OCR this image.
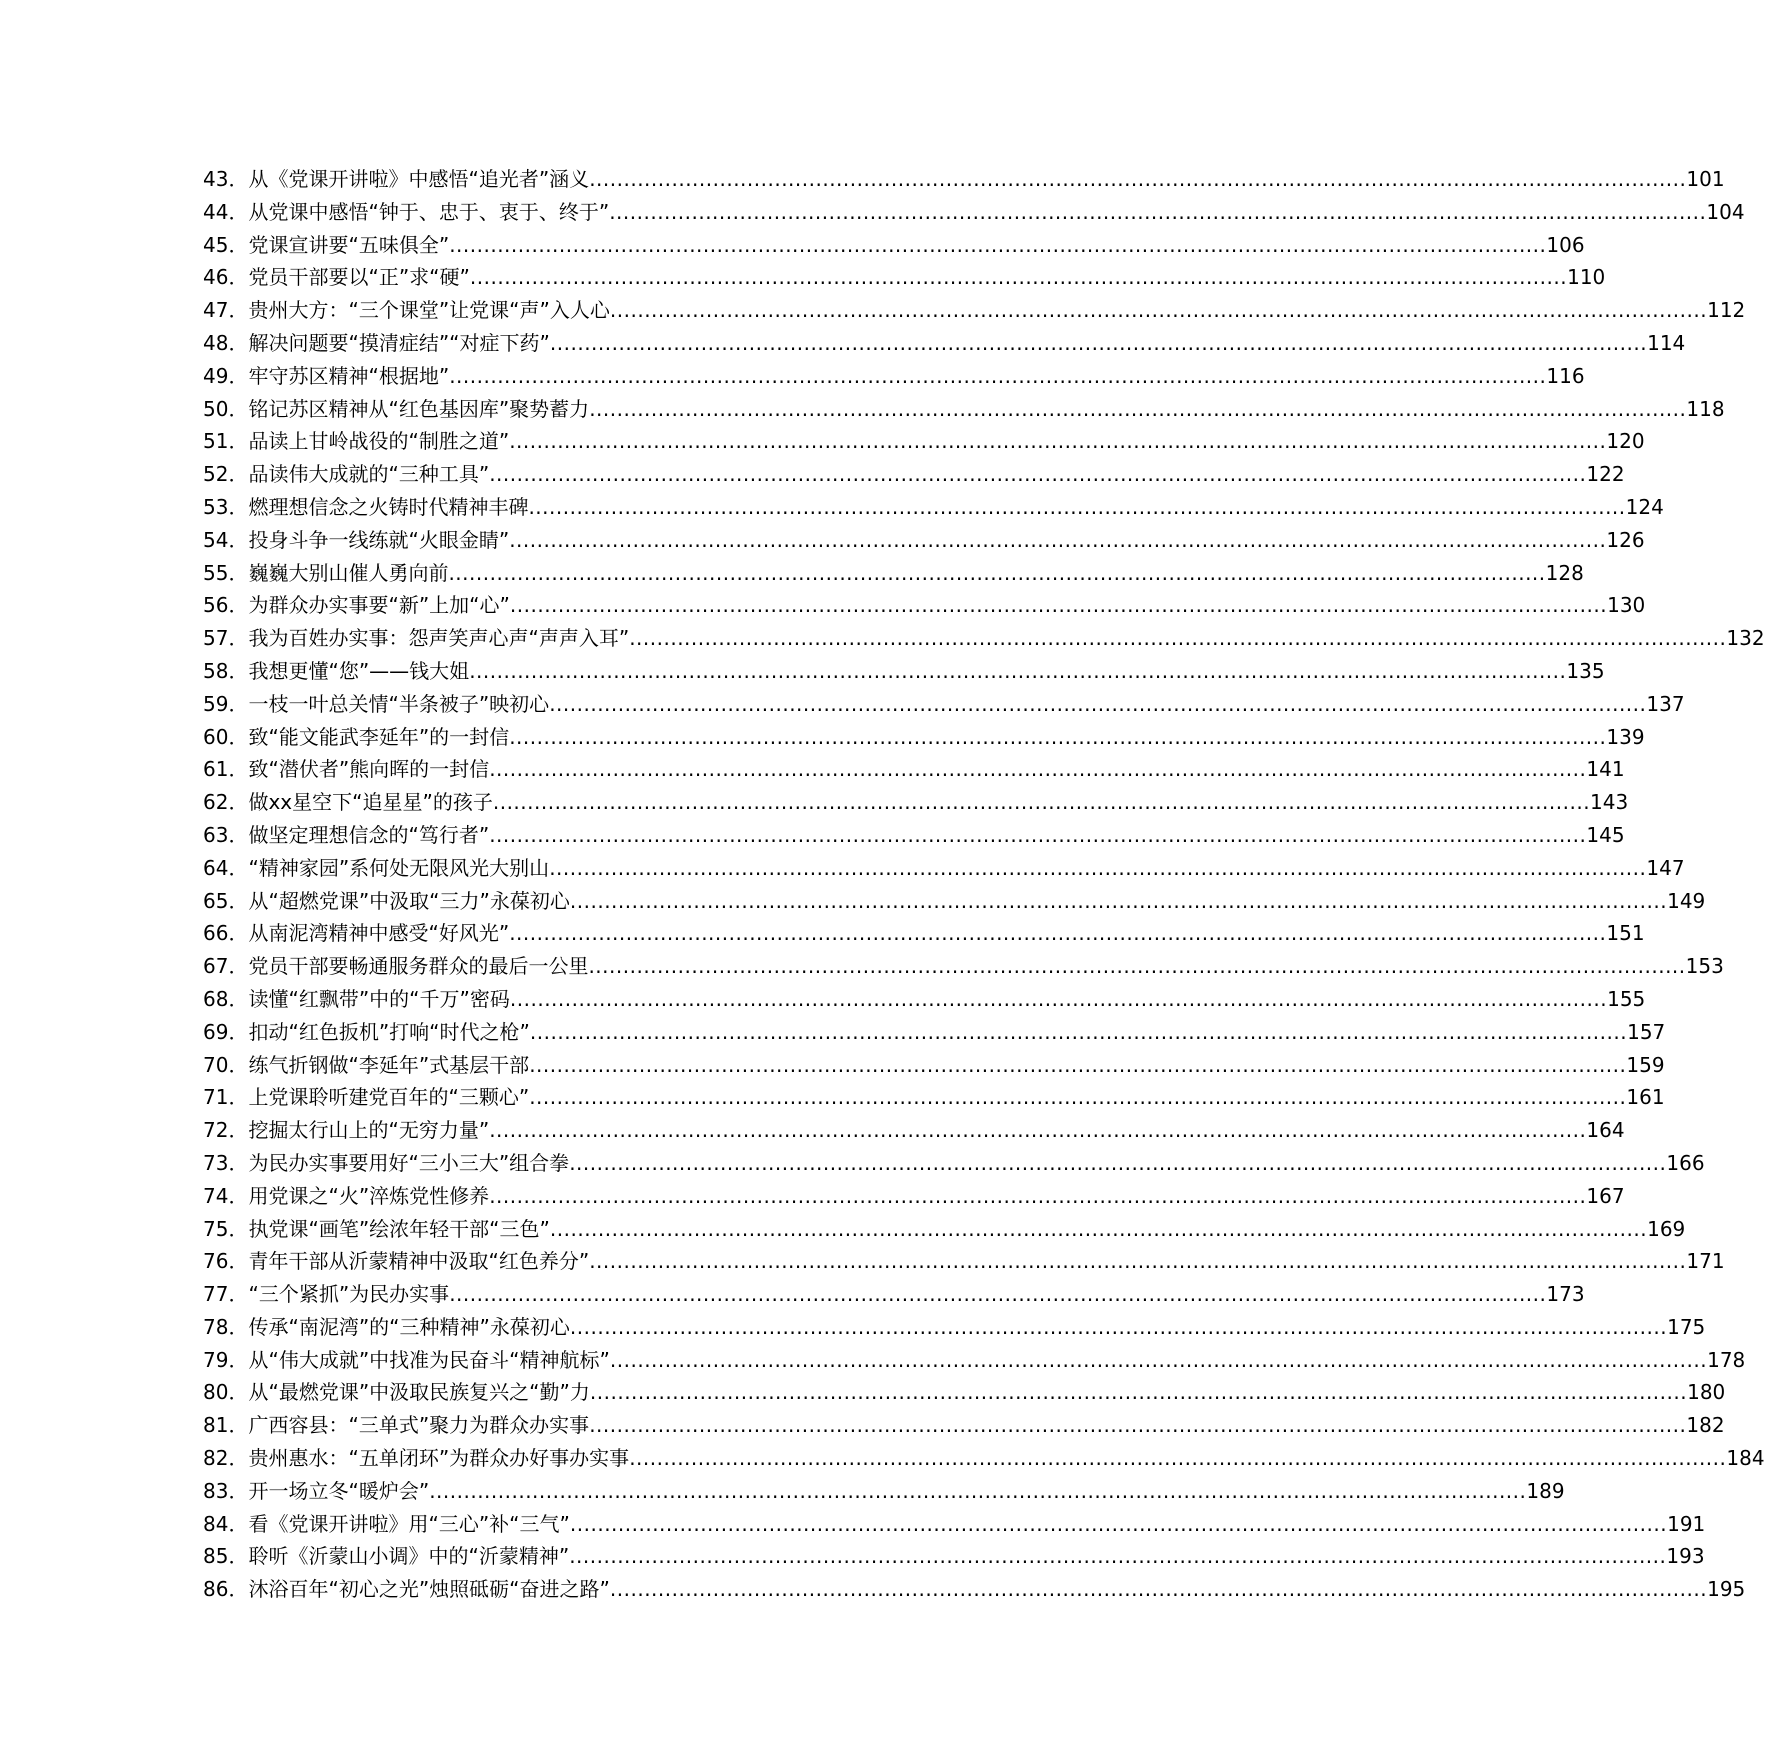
43． 从《党课开讲啦》中感悟“追光者”涵义 ................................................................................................................................................................ 101
44． 从党课中感悟“钟于、忠于、衷于、终于” ................................................................................................................................................................ 104
45． 党课宣讲要“五味俱全” ................................................................................................................................................................ 106
46． 党员干部要以“正”求“硬” ................................................................................................................................................................ 110
47． 贵州大方：“三个课堂”让党课“声”入人心 ................................................................................................................................................................ 112
48． 解决问题要“摸清症结”“对症下药” ................................................................................................................................................................ 114
49． 牢守苏区精神“根据地” ................................................................................................................................................................ 116
50． 铭记苏区精神从“红色基因库”聚势蓄力 ................................................................................................................................................................ 118
51． 品读上甘岭战役的“制胜之道” ................................................................................................................................................................ 120
52． 品读伟大成就的“三种工具” ................................................................................................................................................................ 122
53． 燃理想信念之火铸时代精神丰碑 ................................................................................................................................................................ 124
54． 投身斗争一线练就“火眼金睛” ................................................................................................................................................................ 126
55． 巍巍大别山催人勇向前 ................................................................................................................................................................ 128
56． 为群众办实事要“新”上加“心” ................................................................................................................................................................ 130
57． 我为百姓办实事：怨声笑声心声“声声入耳” ................................................................................................................................................................ 132
58． 我想更懂“您”——钱大姐 ................................................................................................................................................................ 135
59． 一枝一叶总关情“半条被子”映初心 ................................................................................................................................................................ 137
60． 致“能文能武李延年”的一封信 ................................................................................................................................................................ 139
61． 致“潜伏者”熊向晖的一封信 ................................................................................................................................................................ 141
62． 做xx星空下“追星星”的孩子 ................................................................................................................................................................ 143
63． 做坚定理想信念的“笃行者” ................................................................................................................................................................ 145
64． “精神家园”系何处无限风光大别山 ................................................................................................................................................................ 147
65． 从“超燃党课”中汲取“三力”永葆初心 ................................................................................................................................................................ 149
66． 从南泥湾精神中感受“好风光” ................................................................................................................................................................ 151
67． 党员干部要畅通服务群众的最后一公里 ................................................................................................................................................................ 153
68． 读懂“红飘带”中的“千万”密码 ................................................................................................................................................................ 155
69． 扣动“红色扳机”打响“时代之枪” ................................................................................................................................................................ 157
70． 练气折钢做“李延年”式基层干部 ................................................................................................................................................................ 159
71． 上党课聆听建党百年的“三颗心” ................................................................................................................................................................ 161
72． 挖掘太行山上的“无穷力量” ................................................................................................................................................................ 164
73． 为民办实事要用好“三小三大”组合拳 ................................................................................................................................................................ 166
74． 用党课之“火”淬炼党性修养 ................................................................................................................................................................ 167
75． 执党课“画笔”绘浓年轻干部“三色” ................................................................................................................................................................ 169
76． 青年干部从沂蒙精神中汲取“红色养分” ................................................................................................................................................................ 171
77． “三个紧抓”为民办实事 ................................................................................................................................................................ 173
78． 传承“南泥湾”的“三种精神”永葆初心 ................................................................................................................................................................ 175
79． 从“伟大成就”中找准为民奋斗“精神航标” ................................................................................................................................................................ 178
80． 从“最燃党课”中汲取民族复兴之“勤”力 ................................................................................................................................................................ 180
81． 广西容县：“三单式”聚力为群众办实事 ................................................................................................................................................................ 182
82． 贵州惠水：“五单闭环”为群众办好事办实事 ................................................................................................................................................................ 184
83． 开一场立冬“暖炉会” ................................................................................................................................................................ 189
84． 看《党课开讲啦》用“三心”补“三气” ................................................................................................................................................................ 191
85． 聆听《沂蒙山小调》中的“沂蒙精神” ................................................................................................................................................................ 193
86． 沐浴百年“初心之光”烛照砥砺“奋进之路” ................................................................................................................................................................ 195
